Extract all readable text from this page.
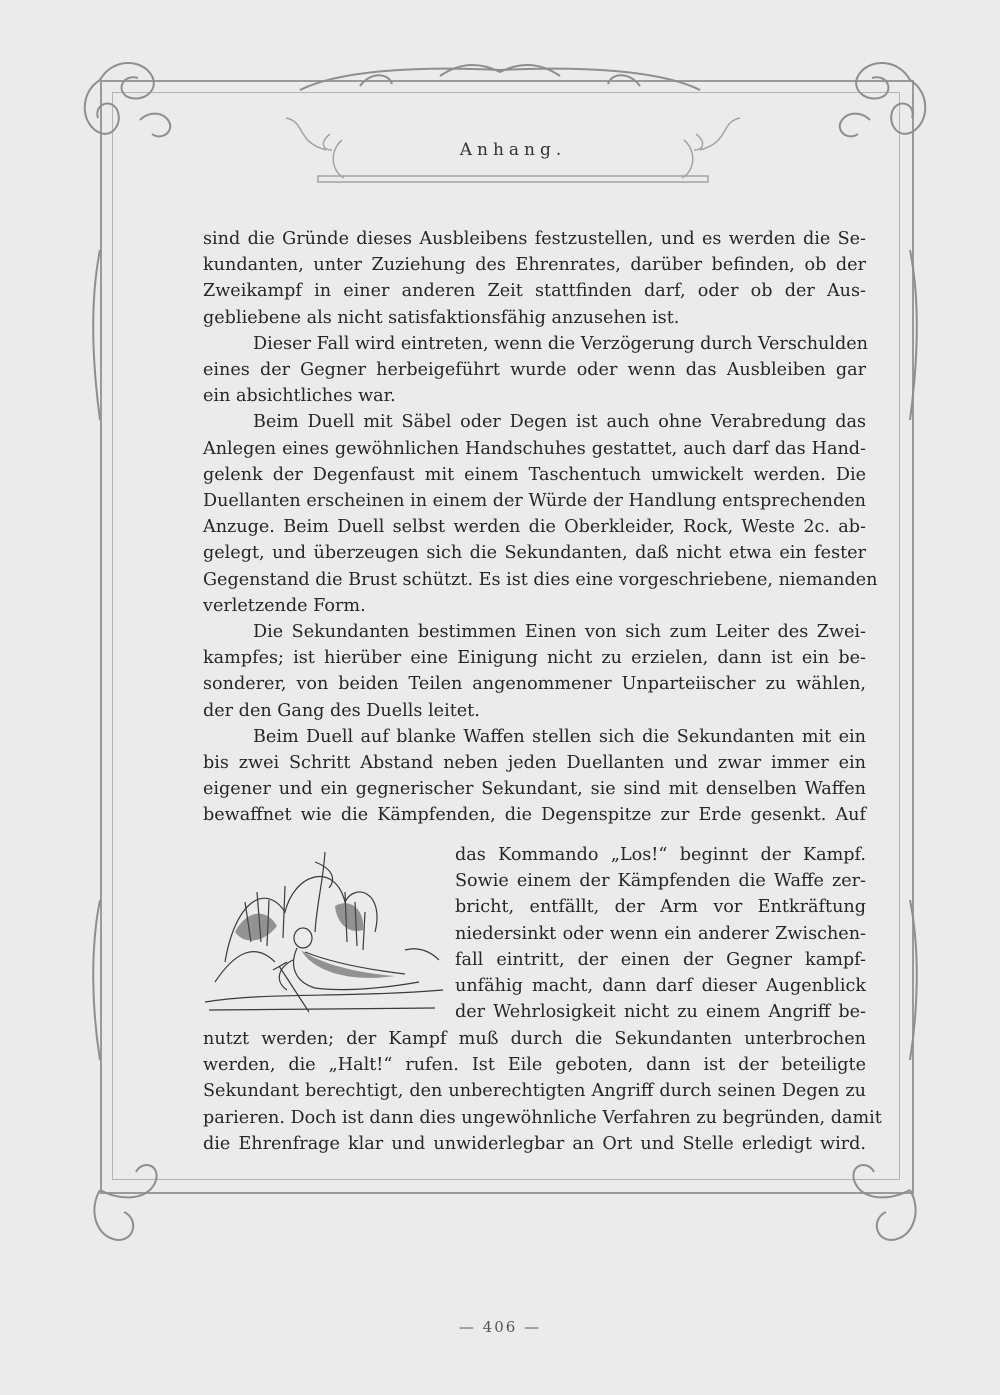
Anhang.

sind die Gründe dieses Ausbleibens festzustellen, und es werden die Se-
kundanten, unter Zuziehung des Ehrenrates, darüber befinden, ob der
Zweikampf in einer anderen Zeit stattfinden darf, oder ob der Aus-
gebliebene als nicht satisfaktionsfähig anzusehen ist.

Dieser Fall wird eintreten, wenn die Verzögerung durch Verschulden
eines der Gegner herbeigeführt wurde oder wenn das Ausbleiben gar
ein absichtliches war.

Beim Duell mit Säbel oder Degen ist auch ohne Verabredung das
Anlegen eines gewöhnlichen Handschuhes gestattet, auch darf das Hand-
gelenk der Degenfaust mit einem Taschentuch umwickelt werden. Die
Duellanten erscheinen in einem der Würde der Handlung entsprechenden
Anzuge. Beim Duell selbst werden die Oberkleider, Rock, Weste 2c. ab-
gelegt, und überzeugen sich die Sekundanten, daß nicht etwa ein fester
Gegenstand die Brust schützt. Es ist dies eine vorgeschriebene, niemanden
verletzende Form.

Die Sekundanten bestimmen Einen von sich zum Leiter des Zwei-
kampfes; ist hierüber eine Einigung nicht zu erzielen, dann ist ein be-
sonderer, von beiden Teilen angenommener Unparteiischer zu wählen,
der den Gang des Duells leitet.

Beim Duell auf blanke Waffen stellen sich die Sekundanten mit ein
bis zwei Schritt Abstand neben jeden Duellanten und zwar immer ein
eigener und ein gegnerischer Sekundant, sie sind mit denselben Waffen
bewaffnet wie die Kämpfenden, die Degenspitze zur Erde gesenkt. Auf

das Kommando „Los!“ beginnt der Kampf.
Sowie einem der Kämpfenden die Waffe zer-
bricht, entfällt, der Arm vor Entkräftung
niedersinkt oder wenn ein anderer Zwischen-
fall eintritt, der einen der Gegner kampf-
unfähig macht, dann darf dieser Augenblick
der Wehrlosigkeit nicht zu einem Angriff be-
nutzt werden; der Kampf muß durch die Sekundanten unterbrochen
werden, die „Halt!“ rufen. Ist Eile geboten, dann ist der beteiligte
Sekundant berechtigt, den unberechtigten Angriff durch seinen Degen zu
parieren. Doch ist dann dies ungewöhnliche Verfahren zu begründen, damit
die Ehrenfrage klar und unwiderlegbar an Ort und Stelle erledigt wird.
— 406 —
